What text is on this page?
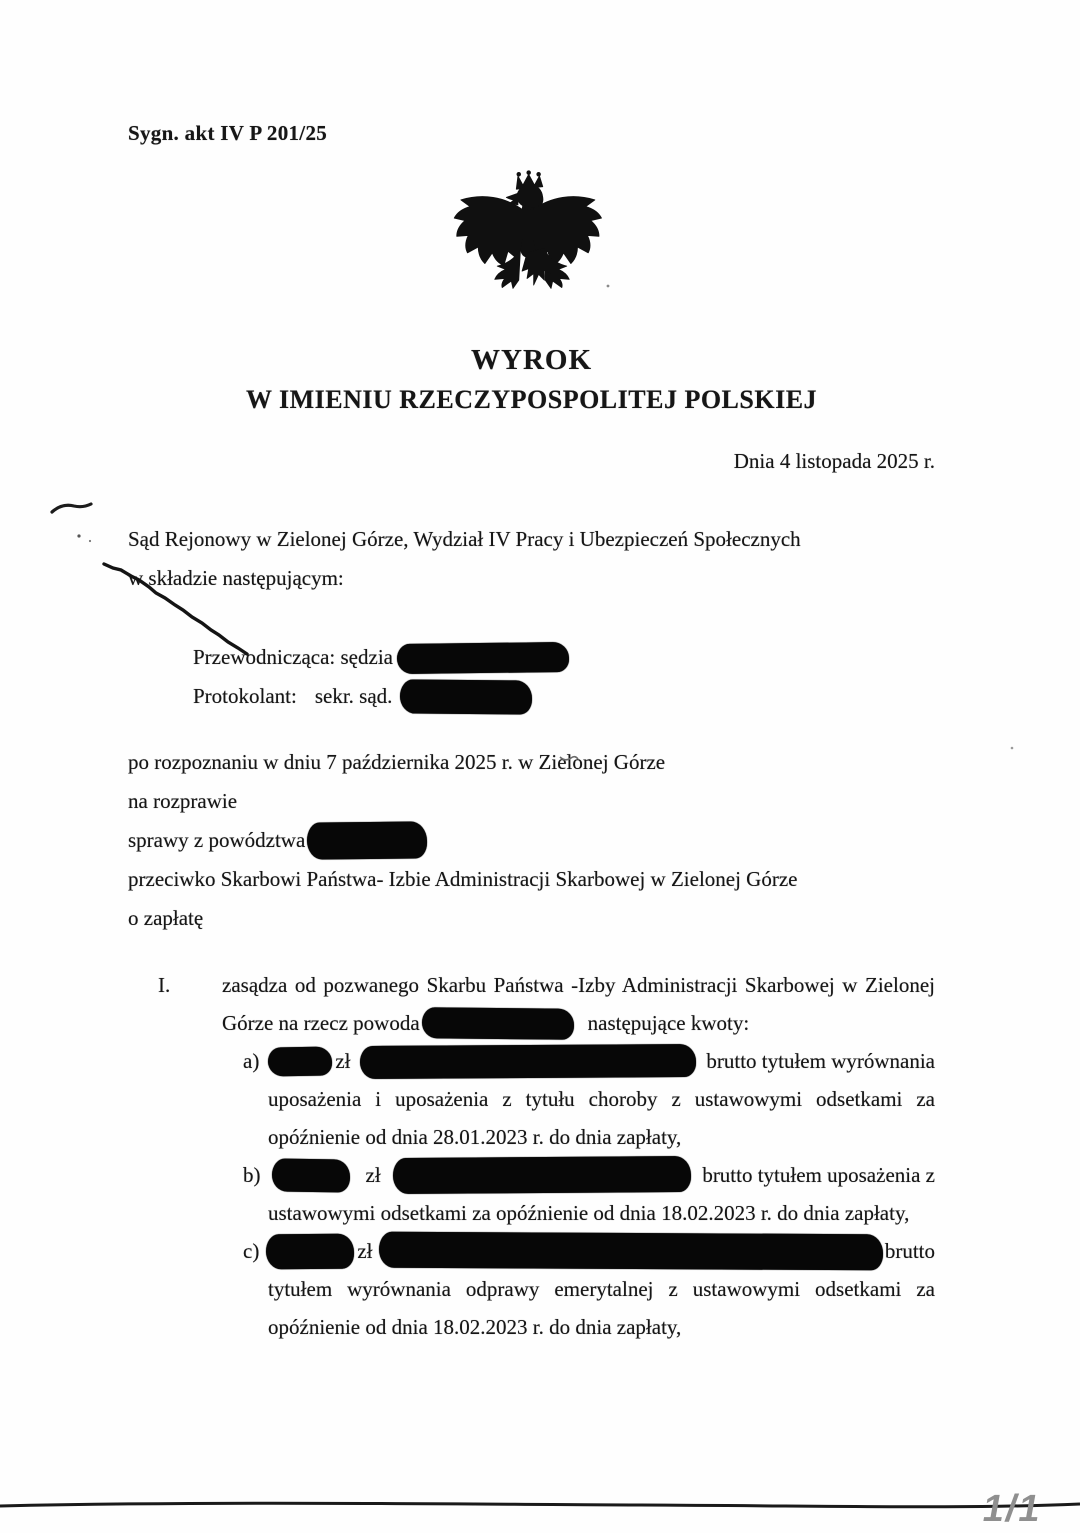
Sygn. akt IV P 201/25
WYROK
W IMIENIU RZECZYPOSPOLITEJ POLSKIEJ
Dnia 4 listopada 2025 r.

Sąd Rejonowy w Zielonej Górze, Wydział IV Pracy i Ubezpieczeń Społecznych

w składzie następującym:

Przewodnicząca: sędzia
Protokolant: sekr. sąd.

po rozpoznaniu w dniu 7 października 2025 r. w Zielonej Górze

na rozprawie

sprawy z powództwa

przeciwko Skarbowi Państwa- Izbie Administracji Skarbowej w Zielonej Górze

o zapłatę

I.	zasądza od pozwanego Skarbu Państwa -Izby Administracji Skarbowej w Zielonej
Górze na rzecz powoda	następujące kwoty:
a)	zł	brutto tytułem wyrównania
uposażenia i uposażenia z tytułu choroby z ustawowymi odsetkami za
opóźnienie od dnia 28.01.2023 r. do dnia zapłaty,
b)	zł	brutto tytułem uposażenia z
ustawowymi odsetkami za opóźnienie od dnia 18.02.2023 r. do dnia zapłaty,
c)	zł	brutto
tytułem wyrównania odprawy emerytalnej z ustawowymi odsetkami za
opóźnienie od dnia 18.02.2023 r. do dnia zapłaty,
1/1
